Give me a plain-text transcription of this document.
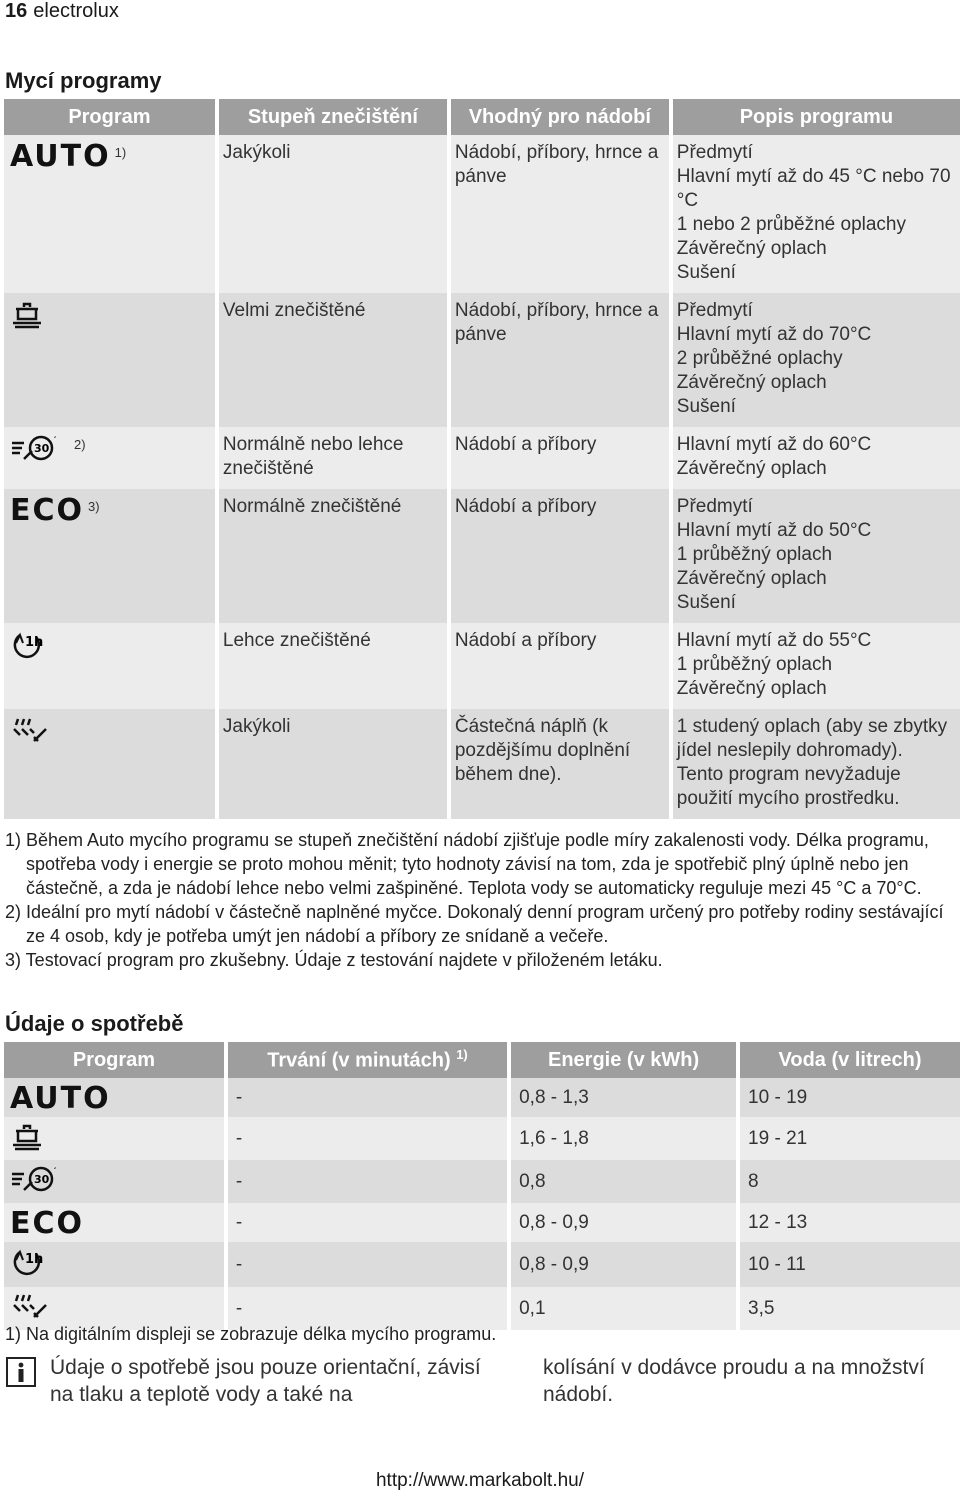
16 electrolux
Mycí programy
Program	Stupeň znečištění	Vhodný pro nádobí	Popis programu

AUTO 1)	Jakýkoli	Nádobí, příbory, hrnce a pánve	Předmytí
Hlavní mytí až do 45 °C nebo 70 °C
1 nebo 2 průběžné oplachy
Závěrečný oplach
Sušení

	Velmi znečištěné	Nádobí, příbory, hrnce a pánve	Předmytí
Hlavní mytí až do 70°C
2 průběžné oplachy
Závěrečný oplach
Sušení

30
′ 2)	Normálně nebo lehce znečištěné	Nádobí a příbory	Hlavní mytí až do 60°C
Závěrečný oplach

ECO 3)	Normálně znečištěné	Nádobí a příbory	Předmytí
Hlavní mytí až do 50°C
1 průběžný oplach
Závěrečný oplach
Sušení

1h	Lehce znečištěné	Nádobí a příbory	Hlavní mytí až do 55°C
1 průběžný oplach
Závěrečný oplach

	Jakýkoli	Částečná náplň (k pozdějšímu doplnění během dne).	1 studený oplach (aby se zbytky jídel neslepily dohromady).
Tento program nevyžaduje použití mycího prostředku.

1) Během Auto mycího programu se stupeň znečištění nádobí zjišťuje podle míry zakalenosti vody. Délka programu, spotřeba vody i energie se proto mohou měnit; tyto hodnoty závisí na tom, zda je spotřebič plný úplně nebo jen částečně, a zda je nádobí lehce nebo velmi zašpiněné. Teplota vody se automaticky reguluje mezi 45 °C a 70°C.

2) Ideální pro mytí nádobí v částečně naplněné myčce. Dokonalý denní program určený pro potřeby rodiny sestávající ze 4 osob, kdy je potřeba umýt jen nádobí a příbory ze snídaně a večeře.

3) Testovací program pro zkušebny. Údaje z testování najdete v přiloženém letáku.

Údaje o spotřebě
Program	Trvání (v minutách) $^{1)}$	Energie (v kWh)	Voda (v litrech)

AUTO	-	0,8 - 1,3	10 - 19

	-	1,6 - 1,8	19 - 21

30
′	-	0,8	8

ECO	-	0,8 - 0,9	12 - 13

1h	-	0,8 - 0,9	10 - 11

	-	0,1	3,5
1) Na digitálním displeji se zobrazuje délka mycího programu.
Údaje o spotřebě jsou pouze orientační, závisí na tlaku a teplotě vody a také na
kolísání v dodávce proudu a na množství nádobí.
http://www.markabolt.hu/
